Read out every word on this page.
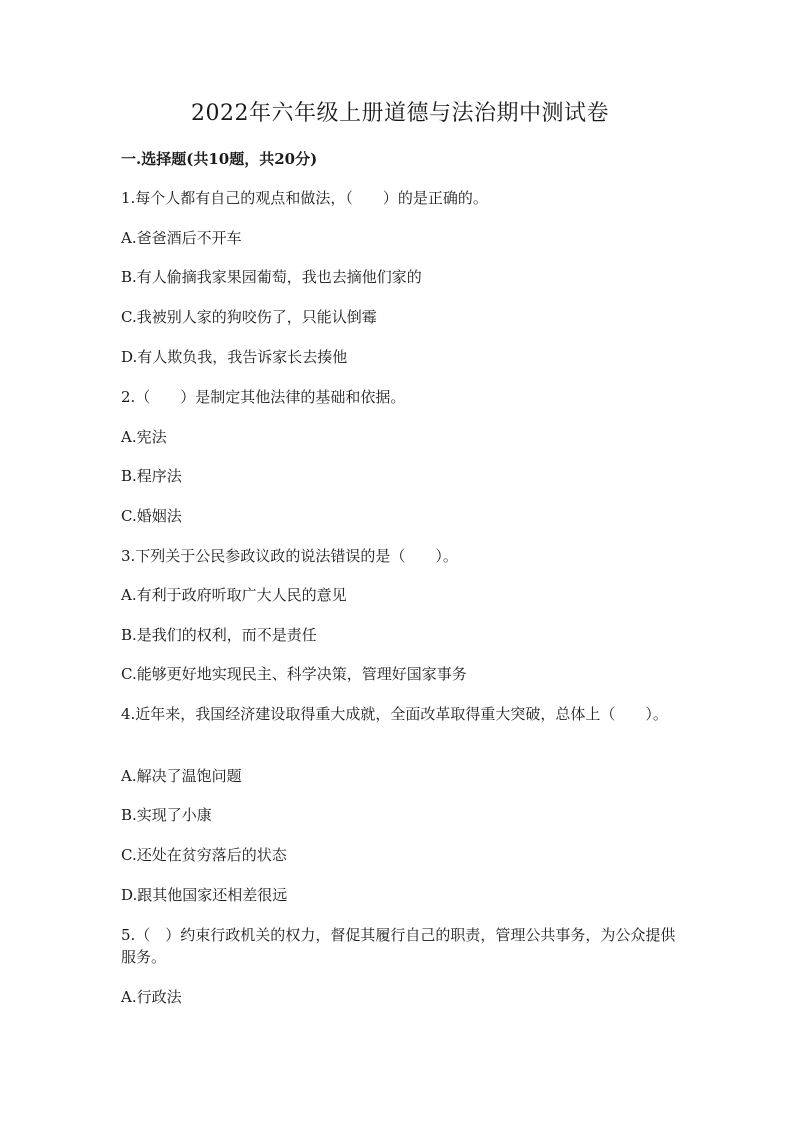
2022年六年级上册道德与法治期中测试卷
一.选择题(共10题，共20分)
1.每个人都有自己的观点和做法，（　　）的是正确的。
A.爸爸酒后不开车
B.有人偷摘我家果园葡萄，我也去摘他们家的
C.我被别人家的狗咬伤了，只能认倒霉
D.有人欺负我，我告诉家长去揍他
2.（　　）是制定其他法律的基础和依据。
A.宪法
B.程序法
C.婚姻法
3.下列关于公民参政议政的说法错误的是（　　）。
A.有利于政府听取广大人民的意见
B.是我们的权利，而不是责任
C.能够更好地实现民主、科学决策，管理好国家事务
4.近年来，我国经济建设取得重大成就，全面改革取得重大突破，总体上（　　）。
A.解决了温饱问题
B.实现了小康
C.还处在贫穷落后的状态
D.跟其他国家还相差很远
5.（　）约束行政机关的权力，督促其履行自己的职责，管理公共事务，为公众提供服务。
A.行政法
